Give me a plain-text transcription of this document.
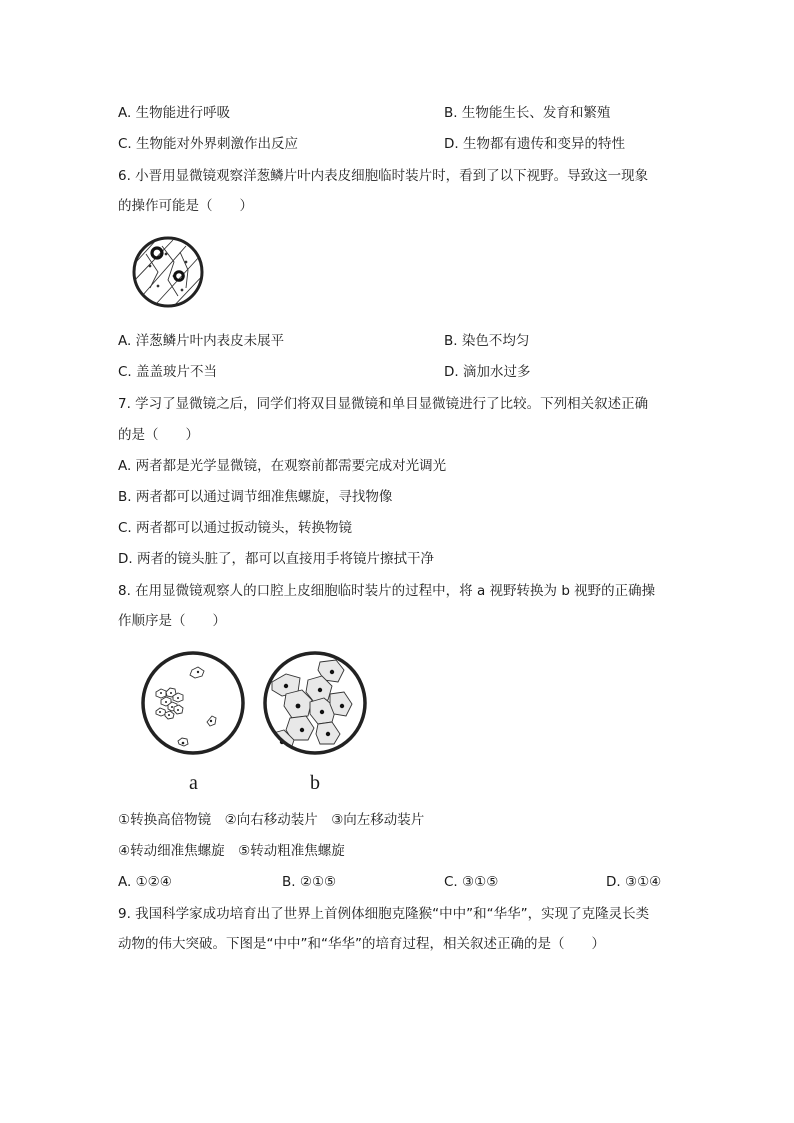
A. 生物能进行呼吸	B. 生物能生长、发育和繁殖
C. 生物能对外界刺激作出反应	D. 生物都有遗传和变异的特性
6. 小晋用显微镜观察洋葱鳞片叶内表皮细胞临时装片时，看到了以下视野。导致这一现象
的操作可能是（　　）
A. 洋葱鳞片叶内表皮未展平	B. 染色不均匀
C. 盖盖玻片不当	D. 滴加水过多
7. 学习了显微镜之后，同学们将双目显微镜和单目显微镜进行了比较。下列相关叙述正确
的是（　　）
A. 两者都是光学显微镜，在观察前都需要完成对光调光
B. 两者都可以通过调节细准焦螺旋，寻找物像
C. 两者都可以通过扳动镜头，转换物镜
D. 两者的镜头脏了，都可以直接用手将镜片擦拭干净
8. 在用显微镜观察人的口腔上皮细胞临时装片的过程中，将 a 视野转换为 b 视野的正确操
作顺序是（　　）
a	b
①转换高倍物镜　②向右移动装片　③向左移动装片
④转动细准焦螺旋　⑤转动粗准焦螺旋
A. ①②④	B. ②①⑤	C. ③①⑤	D. ③①④
9. 我国科学家成功培育出了世界上首例体细胞克隆猴“中中”和“华华”，实现了克隆灵长类
动物的伟大突破。下图是“中中”和“华华”的培育过程，相关叙述正确的是（　　）
